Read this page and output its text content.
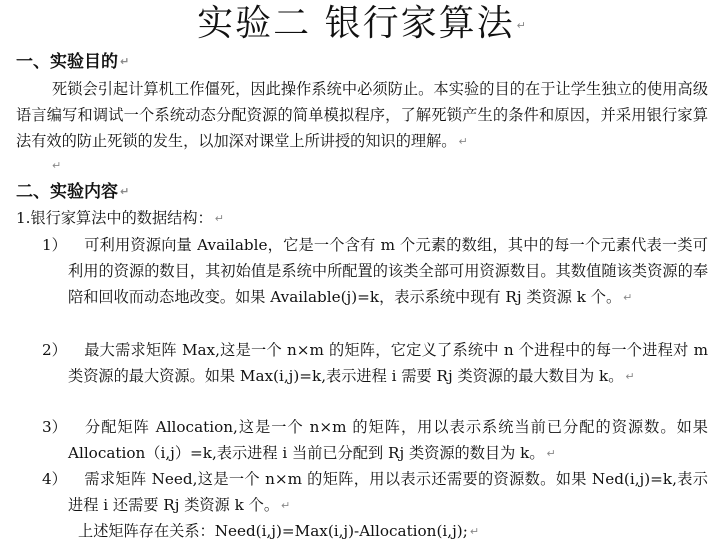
实验二 银行家算法 ↵
一、实验目的 ↵
死锁会引起计算机工作僵死，因此操作系统中必须防止。本实验的目的在于让学生独立的使用高级语言编写和调试一个系统动态分配资源的简单模拟程序，了解死锁产生的条件和原因，并采用银行家算法有效的防止死锁的发生，以加深对课堂上所讲授的知识的理解。 ↵
↵
二、实验内容 ↵
1.银行家算法中的数据结构： ↵
1）	可利用资源向量 Available，它是一个含有 m 个元素的数组，其中的每一个元素代表一类可利用的资源的数目，其初始值是系统中所配置的该类全部可用资源数目。其数值随该类资源的奉陪和回收而动态地改变。如果 Available(j)=k，表示系统中现有 Rj 类资源 k 个。 ↵
2）	最大需求矩阵 Max,这是一个 n×m 的矩阵，它定义了系统中 n 个进程中的每一个进程对 m 类资源的最大资源。如果 Max(i,j)=k,表示进程 i 需要 Rj 类资源的最大数目为 k。 ↵
3）	分配矩阵 Allocation,这是一个 n×m 的矩阵，用以表示系统当前已分配的资源数。如果 Allocation（i,j）=k,表示进程 i 当前已分配到 Rj 类资源的数目为 k。 ↵
4）	需求矩阵 Need,这是一个 n×m 的矩阵，用以表示还需要的资源数。如果 Ned(i,j)=k,表示进程 i 还需要 Rj 类资源 k 个。 ↵
上述矩阵存在关系：Need(i,j)=Max(i,j)-Allocation(i,j); ↵
